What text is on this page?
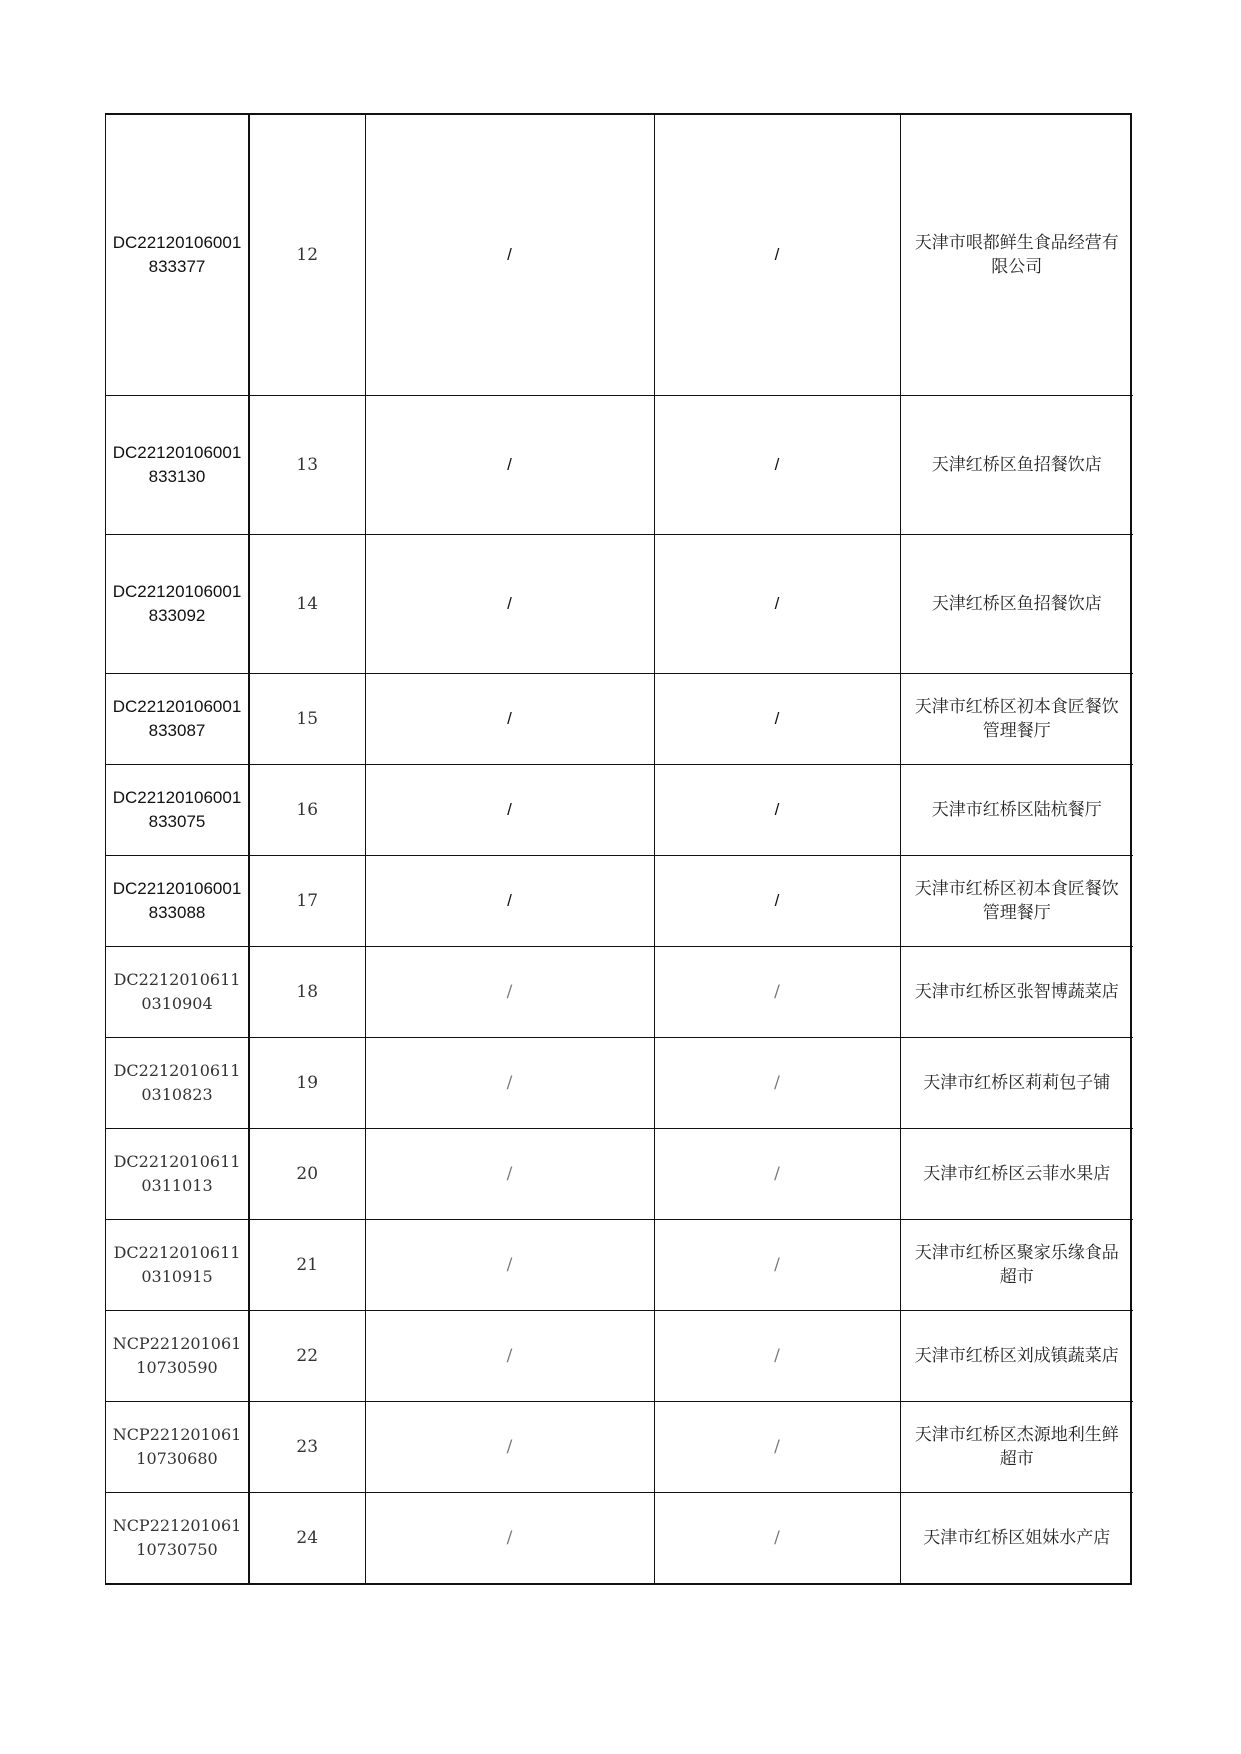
DC22120106001833377	12	/	/	天津市哏都鲜生食品经营有限公司
DC22120106001833130	13	/	/	天津红桥区鱼招餐饮店
DC22120106001833092	14	/	/	天津红桥区鱼招餐饮店
DC22120106001833087	15	/	/	天津市红桥区初本食匠餐饮管理餐厅
DC22120106001833075	16	/	/	天津市红桥区陆杭餐厅
DC22120106001833088	17	/	/	天津市红桥区初本食匠餐饮管理餐厅
DC22120106110310904	18	/	/	天津市红桥区张智博蔬菜店
DC22120106110310823	19	/	/	天津市红桥区莉莉包子铺
DC22120106110311013	20	/	/	天津市红桥区云菲水果店
DC22120106110310915	21	/	/	天津市红桥区聚家乐缘食品超市
NCP22120106110730590	22	/	/	天津市红桥区刘成镇蔬菜店
NCP22120106110730680	23	/	/	天津市红桥区杰源地利生鲜超市
NCP22120106110730750	24	/	/	天津市红桥区姐妹水产店
